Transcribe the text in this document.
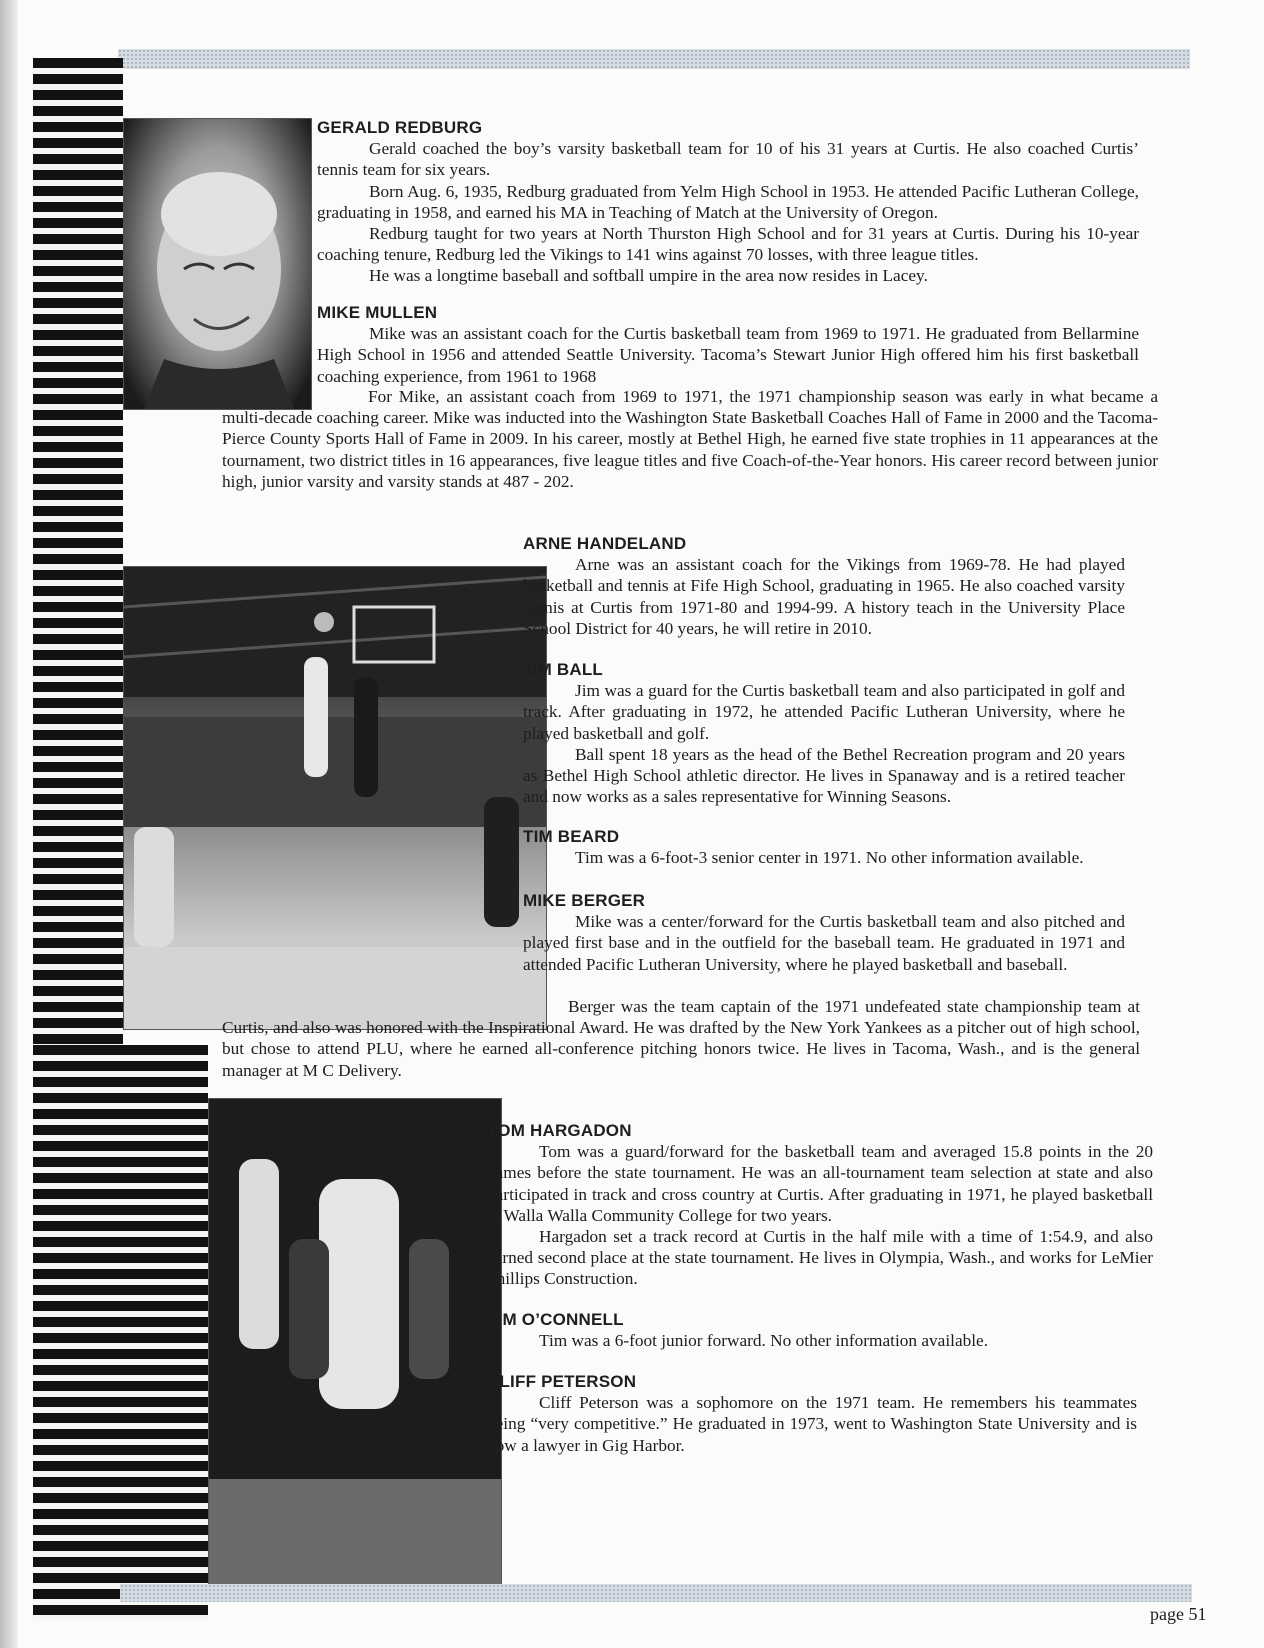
GERALD REDBURG

Gerald coached the boy’s varsity basketball team for 10 of his 31 years at Curtis. He also coached Curtis’ tennis team for six years.

Born Aug. 6, 1935, Redburg graduated from Yelm High School in 1953. He attended Pacific Lutheran College, graduating in 1958, and earned his MA in Teaching of Match at the University of Oregon.

Redburg taught for two years at North Thurston High School and for 31 years at Curtis. During his 10-year coaching tenure, Redburg led the Vikings to 141 wins against 70 losses, with three league titles.

He was a longtime baseball and softball umpire in the area now resides in Lacey.

MIKE MULLEN

Mike was an assistant coach for the Curtis basketball team from 1969 to 1971. He graduated from Bellarmine High School in 1956 and attended Seattle University. Tacoma’s Stewart Junior High offered him his first basketball coaching experience, from 1961 to 1968

For Mike, an assistant coach from 1969 to 1971, the 1971 championship season was early in what became a multi-decade coaching career. Mike was inducted into the Washington State Basketball Coaches Hall of Fame in 2000 and the Tacoma-Pierce County Sports Hall of Fame in 2009. In his career, mostly at Bethel High, he earned five state trophies in 11 appearances at the tournament, two district titles in 16 appearances, five league titles and five Coach-of-the-Year honors. His career record between junior high, junior varsity and varsity stands at 487 - 202.

ARNE HANDELAND

Arne was an assistant coach for the Vikings from 1969-78. He had played basketball and tennis at Fife High School, graduating in 1965. He also coached varsity tennis at Curtis from 1971-80 and 1994-99. A history teach in the University Place School District for 40 years, he will retire in 2010.

JIM BALL

Jim was a guard for the Curtis basketball team and also participated in golf and track. After graduating in 1972, he attended Pacific Lutheran University, where he played basketball and golf.

Ball spent 18 years as the head of the Bethel Recreation program and 20 years as Bethel High School athletic director. He lives in Spanaway and is a retired teacher and now works as a sales representative for Winning Seasons.

TIM BEARD

Tim was a 6-foot-3 senior center in 1971. No other information available.

MIKE BERGER

Mike was a center/forward for the Curtis basketball team and also pitched and played first base and in the outfield for the baseball team. He graduated in 1971 and attended Pacific Lutheran University, where he played basketball and baseball.

Berger was the team captain of the 1971 undefeated state championship team at Curtis, and also was honored with the Inspirational Award. He was drafted by the New York Yankees as a pitcher out of high school, but chose to attend PLU, where he earned all-conference pitching honors twice. He lives in Tacoma, Wash., and is the general manager at M C Delivery.

TOM HARGADON

Tom was a guard/forward for the basketball team and averaged 15.8 points in the 20 games before the state tournament. He was an all-tournament team selection at state and also participated in track and cross country at Curtis. After graduating in 1971, he played basketball at Walla Walla Community College for two years.

Hargadon set a track record at Curtis in the half mile with a time of 1:54.9, and also earned second place at the state tournament. He lives in Olympia, Wash., and works for LeMier Phillips Construction.

TIM O’CONNELL

Tim was a 6-foot junior forward. No other information available.

CLIFF PETERSON

Cliff Peterson was a sophomore on the 1971 team. He remembers his teammates being “very competitive.” He graduated in 1973, went to Washington State University and is now a lawyer in Gig Harbor.

page 51
